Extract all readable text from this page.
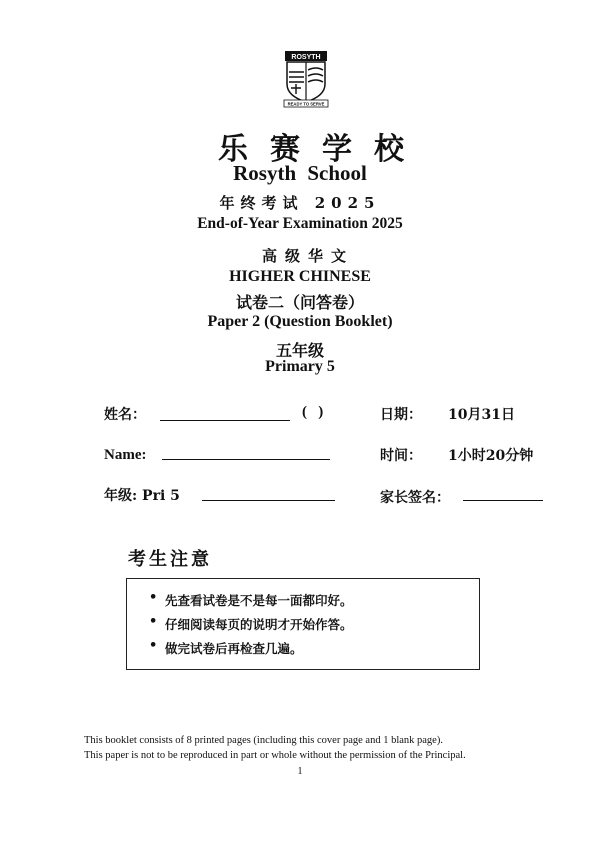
ROSYTH
READY TO SERVE
乐赛学校
Rosyth School
年终考试 2025
End-of-Year Examination 2025
高级华文
HIGHER CHINESE
试卷二（问答卷）
Paper 2 (Question Booklet)
五年级
Primary 5
姓名：	(   )	日期： 10月31日
Name:	时间： 1小时20分钟
年级: Pri 5	家长签名：
考生注意
• 先查看试卷是不是每一面都印好。
• 仔细阅读每页的说明才开始作答。
• 做完试卷后再检查几遍。
This booklet consists of 8 printed pages (including this cover page and 1 blank page).
This paper is not to be reproduced in part or whole without the permission of the Principal.
1
